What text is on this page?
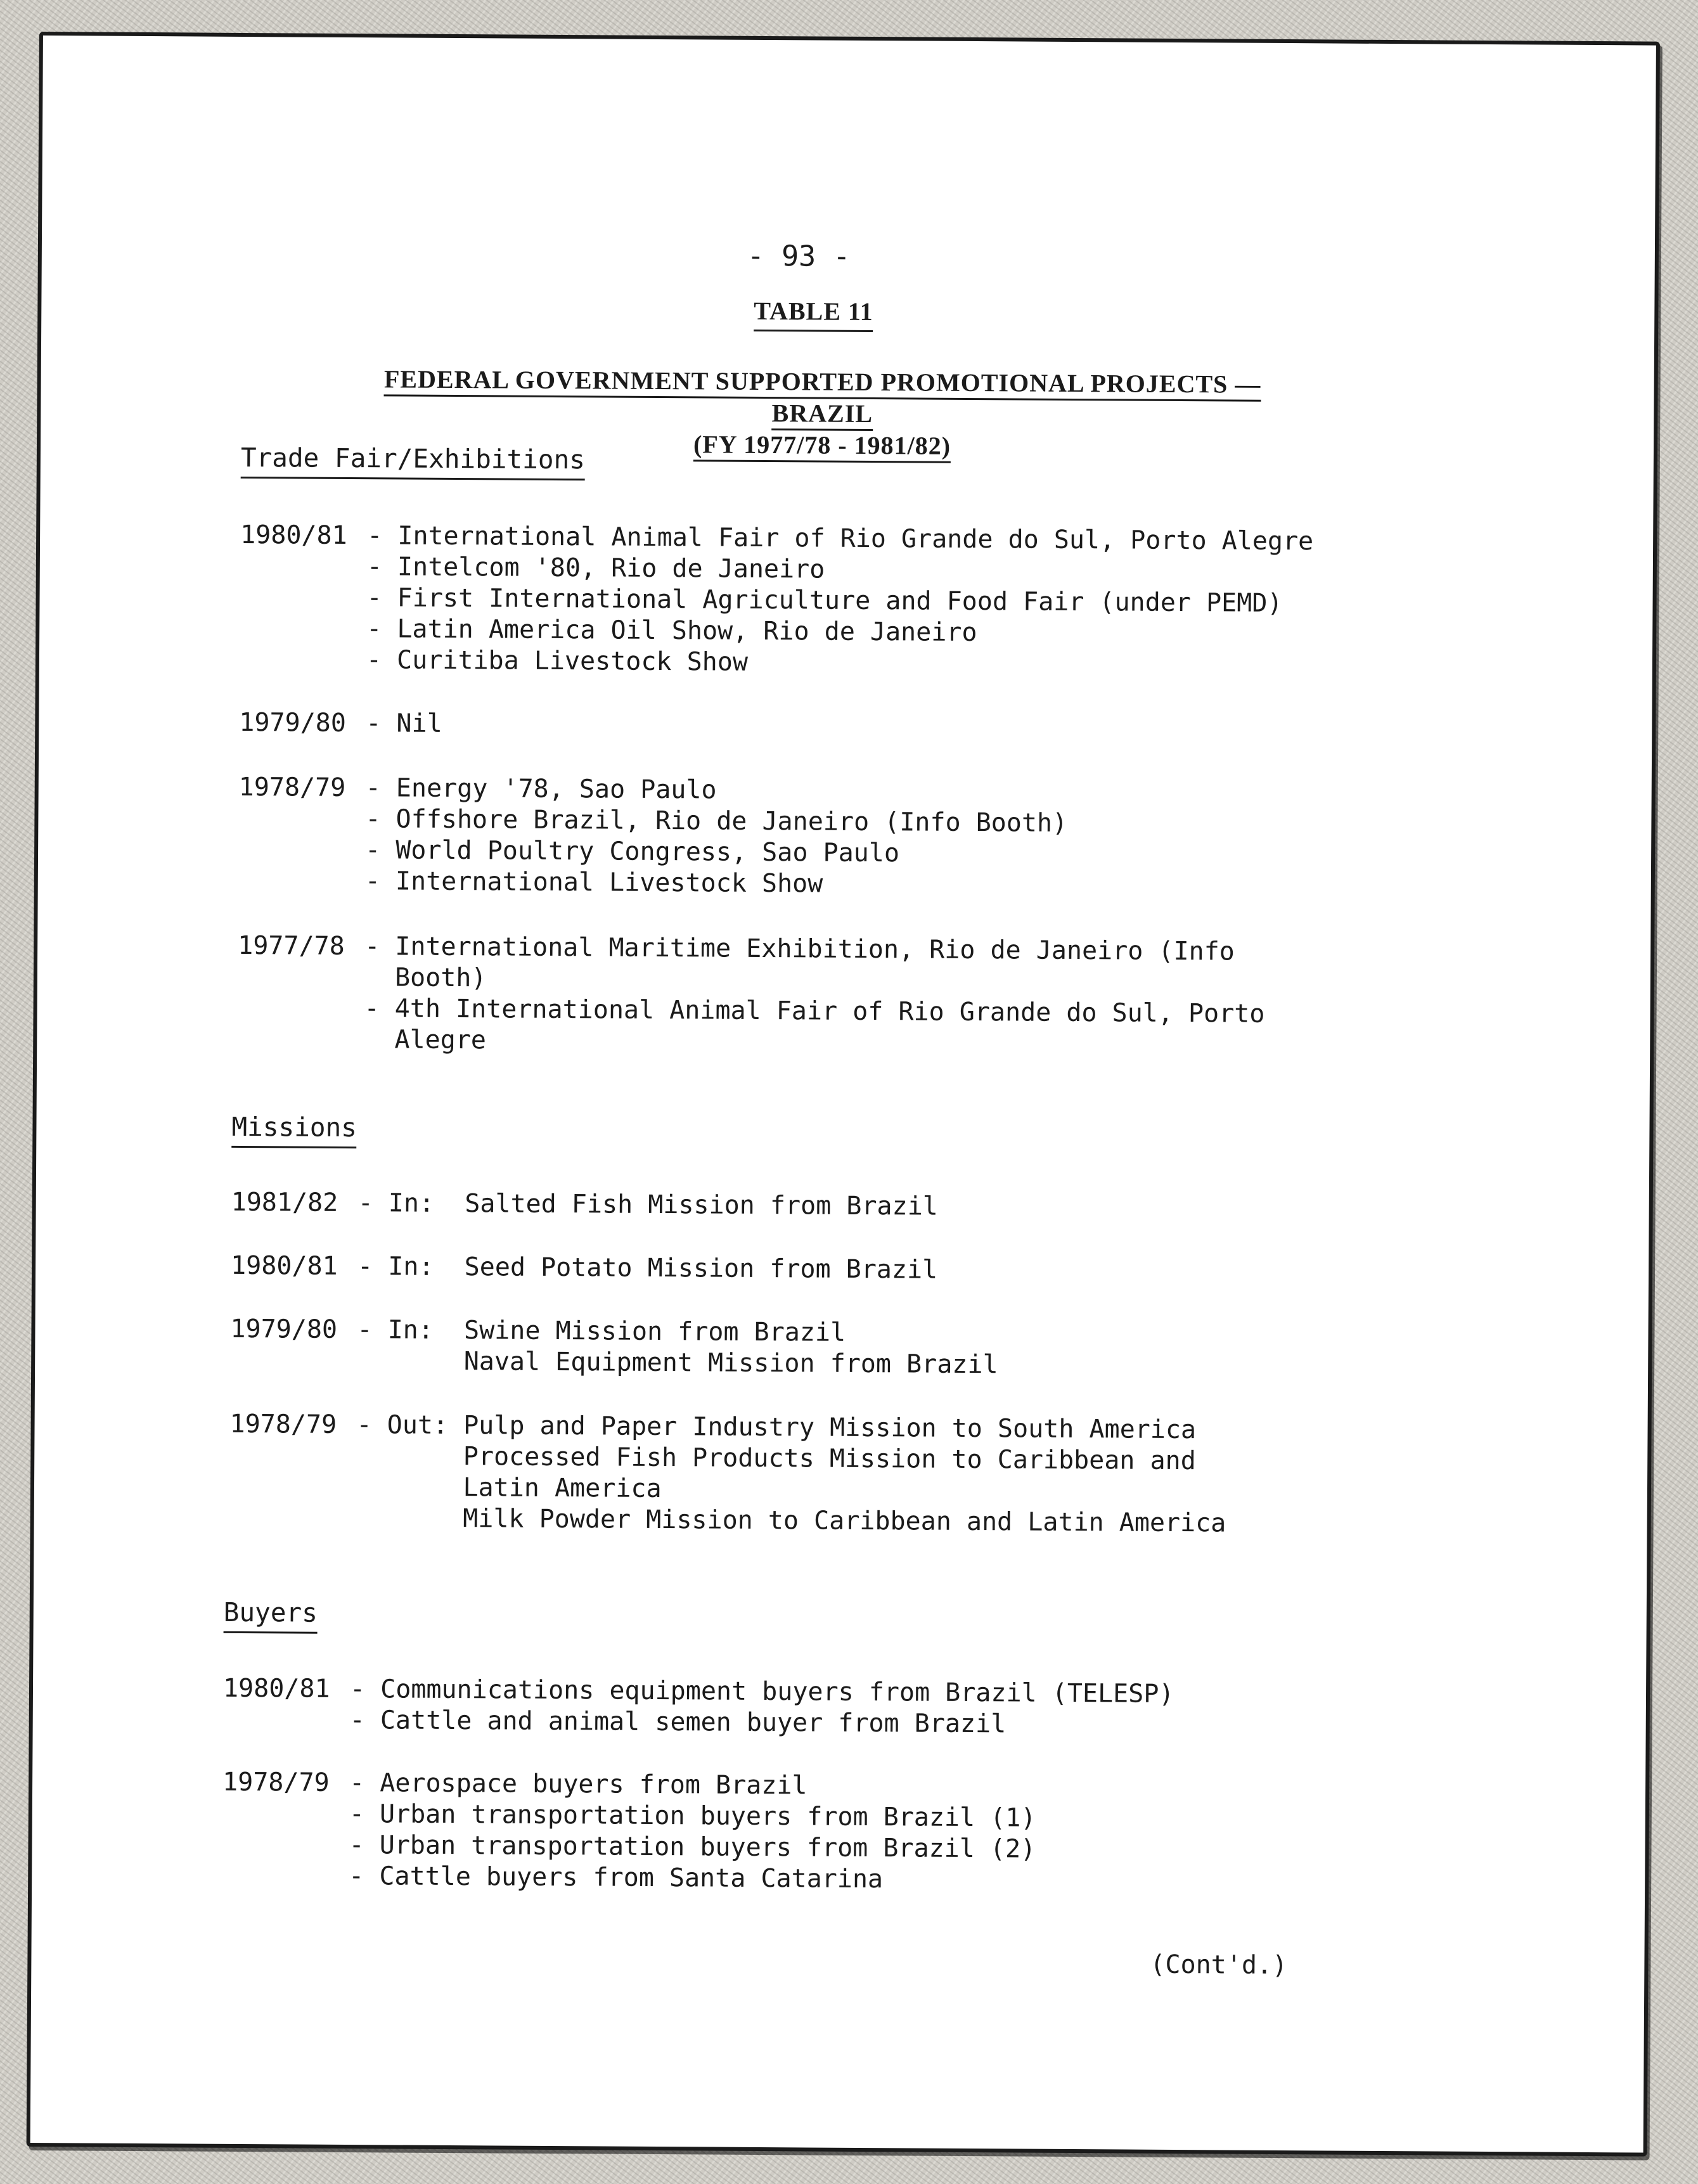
- 93 -
TABLE 11
FEDERAL GOVERNMENT SUPPORTED PROMOTIONAL PROJECTS — BRAZIL
(FY 1977/78 - 1981/82)
Trade Fair/Exhibitions
1980/81 - International Animal Fair of Rio Grande do Sul, Porto Alegre
- Intelcom '80, Rio de Janeiro
- First International Agriculture and Food Fair (under PEMD)
- Latin America Oil Show, Rio de Janeiro
- Curitiba Livestock Show
1979/80 - Nil
1978/79 - Energy '78, Sao Paulo
- Offshore Brazil, Rio de Janeiro (Info Booth)
- World Poultry Congress, Sao Paulo
- International Livestock Show
1977/78 - International Maritime Exhibition, Rio de Janeiro (Info
Booth)
- 4th International Animal Fair of Rio Grande do Sul, Porto
Alegre
Missions
1981/82 - In:  Salted Fish Mission from Brazil
1980/81 - In:  Seed Potato Mission from Brazil
1979/80 - In:  Swine Mission from Brazil
Naval Equipment Mission from Brazil
1978/79 - Out: Pulp and Paper Industry Mission to South America
Processed Fish Products Mission to Caribbean and
Latin America
Milk Powder Mission to Caribbean and Latin America
Buyers
1980/81 - Communications equipment buyers from Brazil (TELESP)
- Cattle and animal semen buyer from Brazil
1978/79 - Aerospace buyers from Brazil
- Urban transportation buyers from Brazil (1)
- Urban transportation buyers from Brazil (2)
- Cattle buyers from Santa Catarina
(Cont'd.)
